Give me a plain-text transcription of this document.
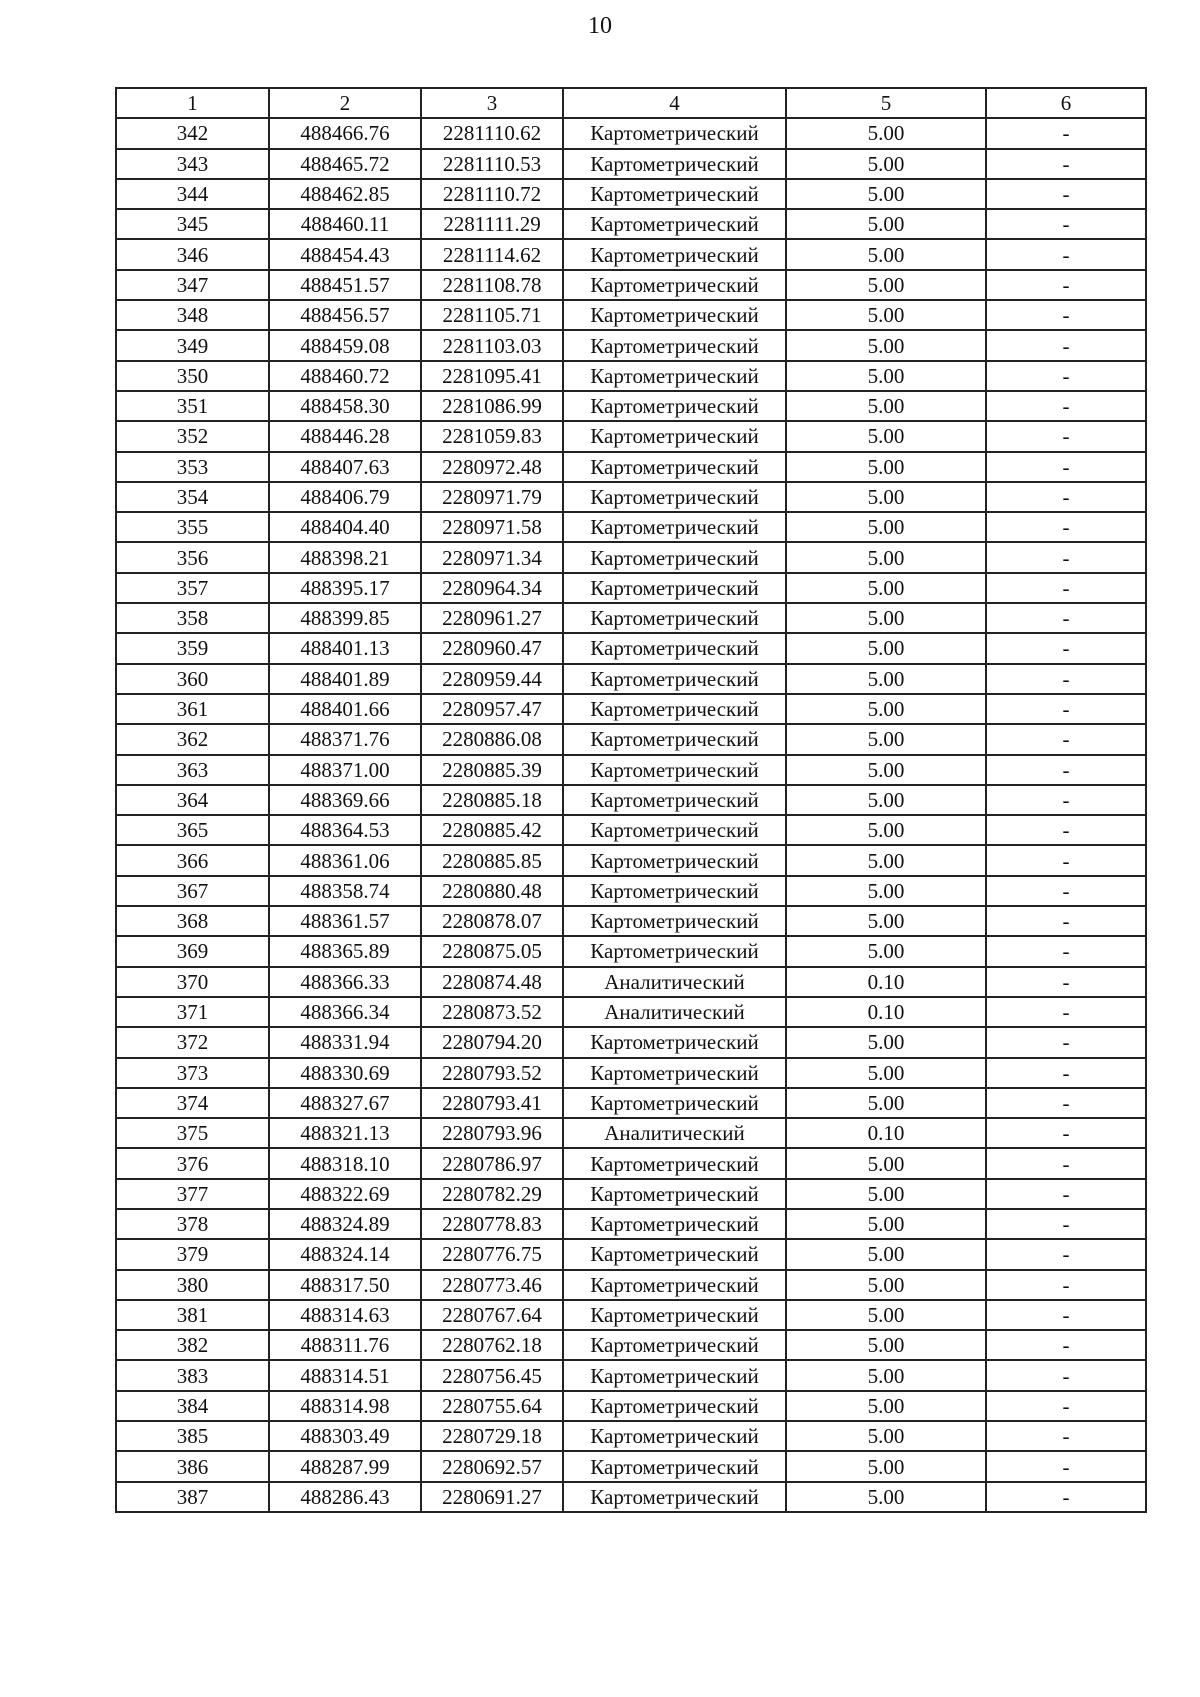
10
1	2	3	4	5	6
342	488466.76	2281110.62	Картометрический	5.00	-
343	488465.72	2281110.53	Картометрический	5.00	-
344	488462.85	2281110.72	Картометрический	5.00	-
345	488460.11	2281111.29	Картометрический	5.00	-
346	488454.43	2281114.62	Картометрический	5.00	-
347	488451.57	2281108.78	Картометрический	5.00	-
348	488456.57	2281105.71	Картометрический	5.00	-
349	488459.08	2281103.03	Картометрический	5.00	-
350	488460.72	2281095.41	Картометрический	5.00	-
351	488458.30	2281086.99	Картометрический	5.00	-
352	488446.28	2281059.83	Картометрический	5.00	-
353	488407.63	2280972.48	Картометрический	5.00	-
354	488406.79	2280971.79	Картометрический	5.00	-
355	488404.40	2280971.58	Картометрический	5.00	-
356	488398.21	2280971.34	Картометрический	5.00	-
357	488395.17	2280964.34	Картометрический	5.00	-
358	488399.85	2280961.27	Картометрический	5.00	-
359	488401.13	2280960.47	Картометрический	5.00	-
360	488401.89	2280959.44	Картометрический	5.00	-
361	488401.66	2280957.47	Картометрический	5.00	-
362	488371.76	2280886.08	Картометрический	5.00	-
363	488371.00	2280885.39	Картометрический	5.00	-
364	488369.66	2280885.18	Картометрический	5.00	-
365	488364.53	2280885.42	Картометрический	5.00	-
366	488361.06	2280885.85	Картометрический	5.00	-
367	488358.74	2280880.48	Картометрический	5.00	-
368	488361.57	2280878.07	Картометрический	5.00	-
369	488365.89	2280875.05	Картометрический	5.00	-
370	488366.33	2280874.48	Аналитический	0.10	-
371	488366.34	2280873.52	Аналитический	0.10	-
372	488331.94	2280794.20	Картометрический	5.00	-
373	488330.69	2280793.52	Картометрический	5.00	-
374	488327.67	2280793.41	Картометрический	5.00	-
375	488321.13	2280793.96	Аналитический	0.10	-
376	488318.10	2280786.97	Картометрический	5.00	-
377	488322.69	2280782.29	Картометрический	5.00	-
378	488324.89	2280778.83	Картометрический	5.00	-
379	488324.14	2280776.75	Картометрический	5.00	-
380	488317.50	2280773.46	Картометрический	5.00	-
381	488314.63	2280767.64	Картометрический	5.00	-
382	488311.76	2280762.18	Картометрический	5.00	-
383	488314.51	2280756.45	Картометрический	5.00	-
384	488314.98	2280755.64	Картометрический	5.00	-
385	488303.49	2280729.18	Картометрический	5.00	-
386	488287.99	2280692.57	Картометрический	5.00	-
387	488286.43	2280691.27	Картометрический	5.00	-
